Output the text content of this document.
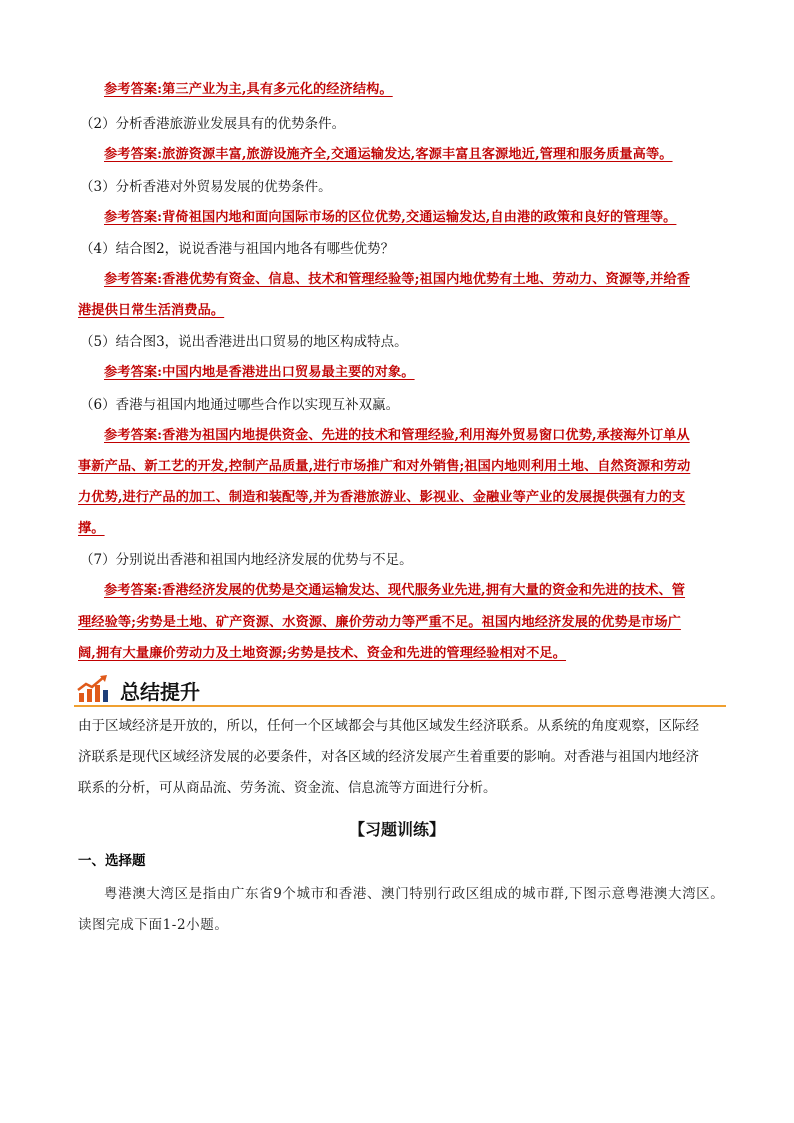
参考答案:第三产业为主,具有多元化的经济结构。
（2）分析香港旅游业发展具有的优势条件。
参考答案:旅游资源丰富,旅游设施齐全,交通运输发达,客源丰富且客源地近,管理和服务质量高等。
（3）分析香港对外贸易发展的优势条件。
参考答案:背倚祖国内地和面向国际市场的区位优势,交通运输发达,自由港的政策和良好的管理等。
（4）结合图2，说说香港与祖国内地各有哪些优势？
参考答案:香港优势有资金、信息、技术和管理经验等;祖国内地优势有土地、劳动力、资源等,并给香
港提供日常生活消费品。
（5）结合图3，说出香港进出口贸易的地区构成特点。
参考答案:中国内地是香港进出口贸易最主要的对象。
（6）香港与祖国内地通过哪些合作以实现互补双赢。
参考答案:香港为祖国内地提供资金、先进的技术和管理经验,利用海外贸易窗口优势,承接海外订单从
事新产品、新工艺的开发,控制产品质量,进行市场推广和对外销售;祖国内地则利用土地、自然资源和劳动
力优势,进行产品的加工、制造和装配等,并为香港旅游业、影视业、金融业等产业的发展提供强有力的支
撑。
（7）分别说出香港和祖国内地经济发展的优势与不足。
参考答案:香港经济发展的优势是交通运输发达、现代服务业先进,拥有大量的资金和先进的技术、管
理经验等;劣势是土地、矿产资源、水资源、廉价劳动力等严重不足。祖国内地经济发展的优势是市场广
阔,拥有大量廉价劳动力及土地资源;劣势是技术、资金和先进的管理经验相对不足。
总结提升
由于区域经济是开放的，所以，任何一个区域都会与其他区域发生经济联系。从系统的角度观察，区际经
济联系是现代区域经济发展的必要条件，对各区域的经济发展产生着重要的影响。对香港与祖国内地经济
联系的分析，可从商品流、劳务流、资金流、信息流等方面进行分析。
【习题训练】
一、选择题
粤港澳大湾区是指由广东省9个城市和香港、澳门特别行政区组成的城市群,下图示意粤港澳大湾区。
读图完成下面1-2小题。
